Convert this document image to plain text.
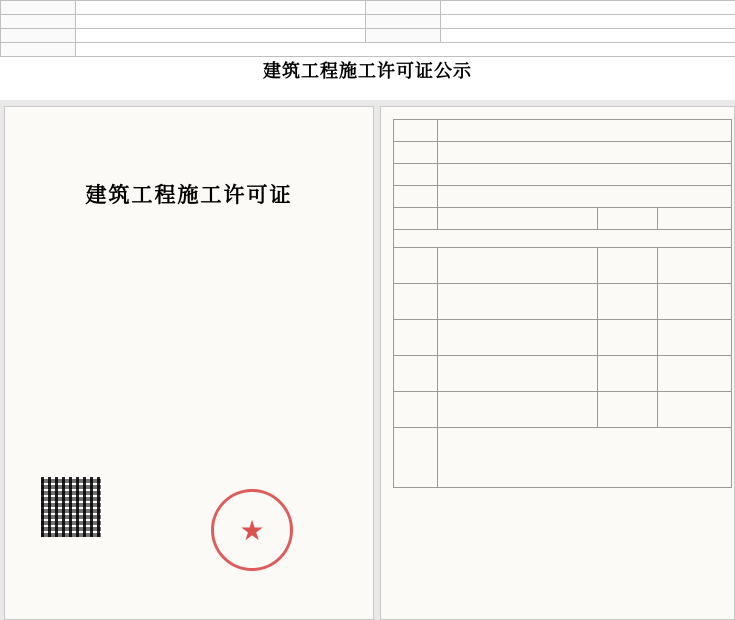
建筑工程施工许可证公示
建筑工程施工许可证
★
